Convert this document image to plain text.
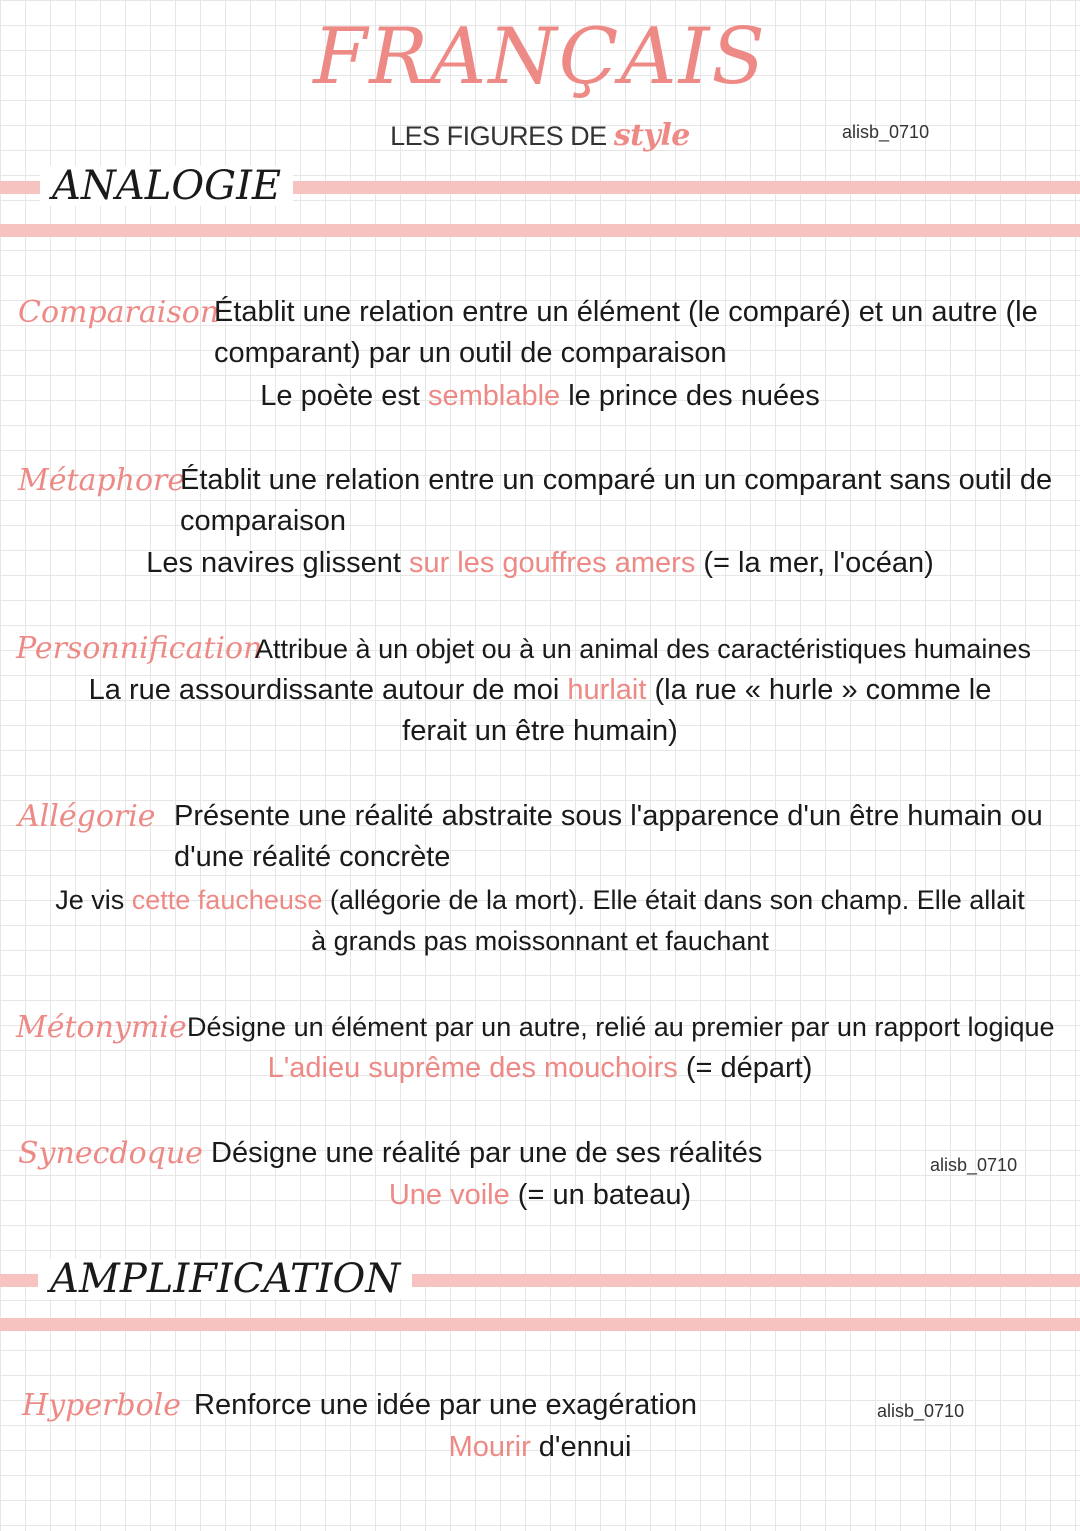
FRANÇAIS
LES FIGURES DE style	alisb_0710
ANALOGIE
Comparaison
Établit une relation entre un élément (le comparé) et un autre (le
comparant) par un outil de comparaison
Le poète est semblable le prince des nuées
Métaphore
Établit une relation entre un comparé un un comparant sans outil de
comparaison
Les navires glissent sur les gouffres amers (= la mer, l'océan)
Personnification
Attribue à un objet ou à un animal des caractéristiques humaines
La rue assourdissante autour de moi hurlait (la rue « hurle » comme le
ferait un être humain)
Allégorie Présente une réalité abstraite sous l'apparence d'un être humain ou
d'une réalité concrète
Je vis cette faucheuse (allégorie de la mort). Elle était dans son champ. Elle allait
à grands pas moissonnant et fauchant
Métonymie Désigne un élément par un autre, relié au premier par un rapport logique
L'adieu suprême des mouchoirs (= départ)
Synecdoque Désigne une réalité par une de ses réalités	alisb_0710
Une voile (= un bateau)
AMPLIFICATION
Hyperbole Renforce une idée par une exagération	alisb_0710
Mourir d'ennui
